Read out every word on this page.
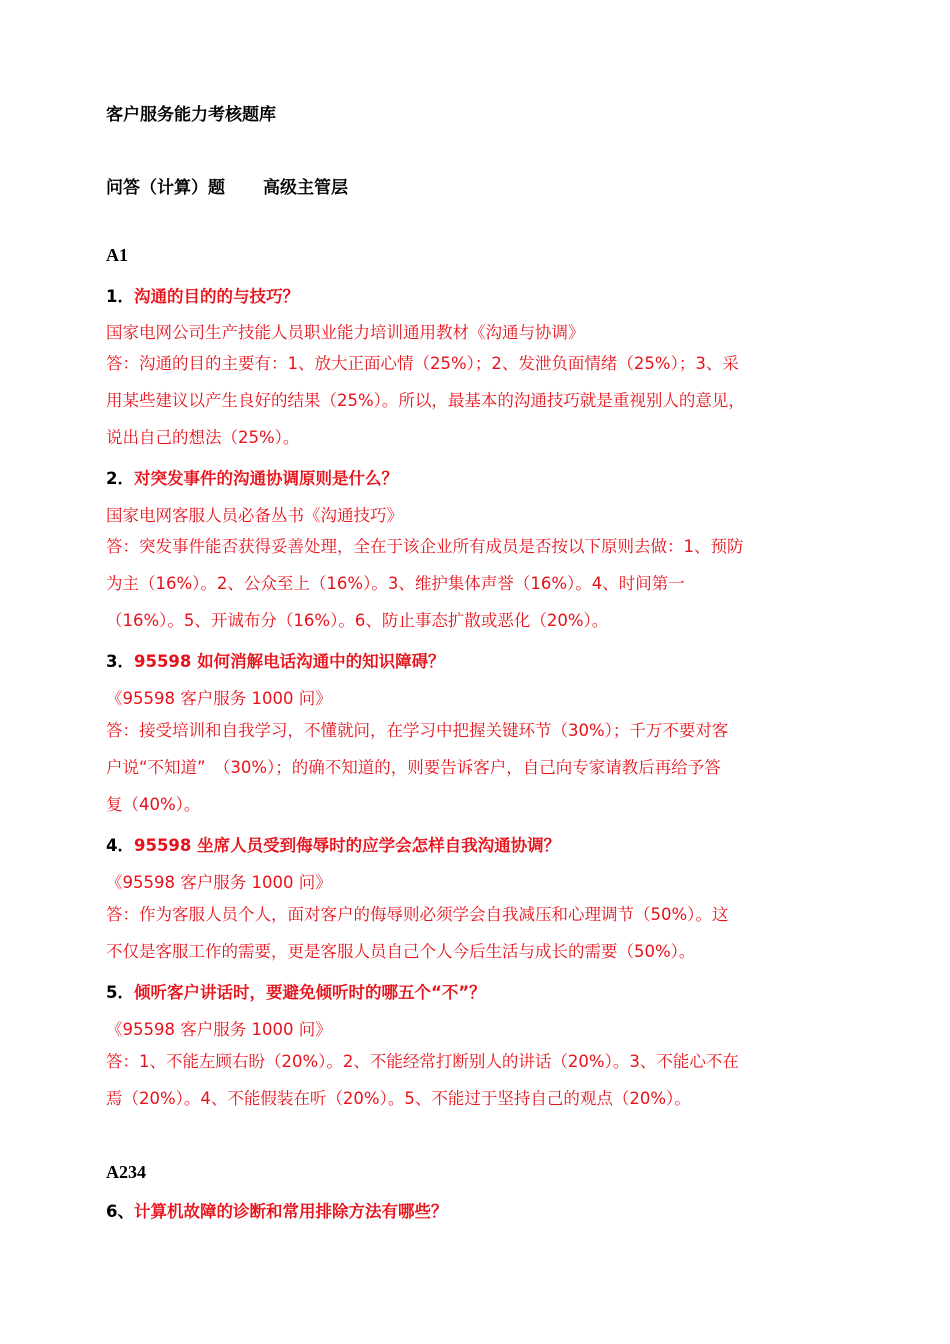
客户服务能力考核题库
问答（计算）题 高级主管层
A1
1．沟通的目的的与技巧？
国家电网公司生产技能人员职业能力培训通用教材《沟通与协调》
答：沟通的目的主要有：1、放大正面心情（25%）；2、发泄负面情绪（25%）；3、采
用某些建议以产生良好的结果（25%）。所以，最基本的沟通技巧就是重视别人的意见，
说出自己的想法（25%）。
2．对突发事件的沟通协调原则是什么？
国家电网客服人员必备丛书《沟通技巧》
答：突发事件能否获得妥善处理，全在于该企业所有成员是否按以下原则去做：1、预防
为主（16%）。2、公众至上（16%）。3、维护集体声誉（16%）。4、时间第一
（16%）。5、开诚布分（16%）。6、防止事态扩散或恶化（20%）。
3．95598 如何消解电话沟通中的知识障碍？
《95598 客户服务 1000 问》
答：接受培训和自我学习，不懂就问，在学习中把握关键环节（30%）；千万不要对客
户说“不知道”　（30%）；的确不知道的，则要告诉客户，自己向专家请教后再给予答
复（40%）。
4．95598 坐席人员受到侮辱时的应学会怎样自我沟通协调？
《95598 客户服务 1000 问》
答：作为客服人员个人，面对客户的侮辱则必须学会自我减压和心理调节（50%）。这
不仅是客服工作的需要，更是客服人员自己个人今后生活与成长的需要（50%）。
5．倾听客户讲话时，要避免倾听时的哪五个“不”？
《95598 客户服务 1000 问》
答：1、不能左顾右盼（20%）。2、不能经常打断别人的讲话（20%）。3、不能心不在
焉（20%）。4、不能假装在听（20%）。5、不能过于坚持自己的观点（20%）。
A234
6、计算机故障的诊断和常用排除方法有哪些？
